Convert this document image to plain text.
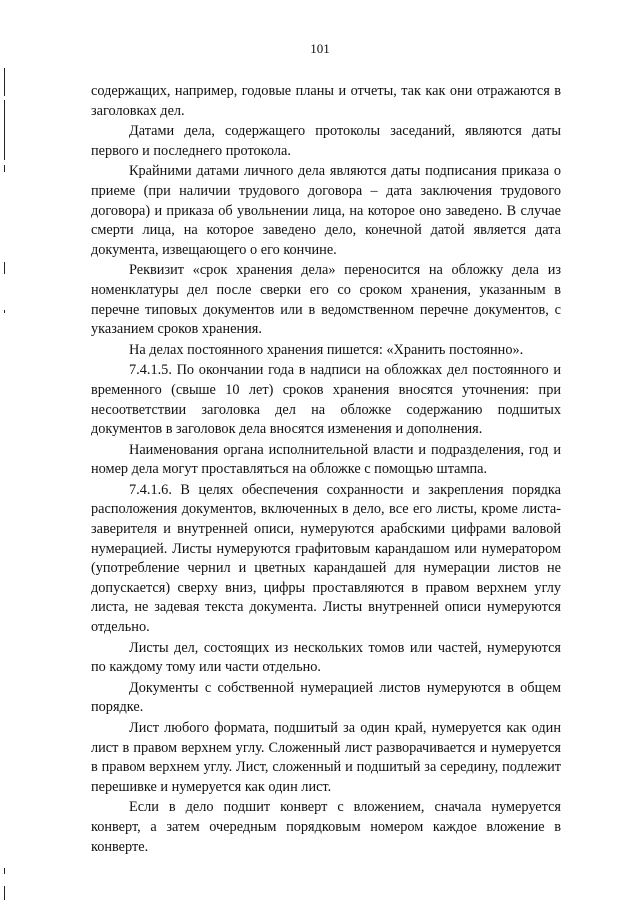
101

содержащих, например, годовые планы и отчеты, так как они отражаются в заголовках дел.

Датами дела, содержащего протоколы заседаний, являются даты первого и последнего протокола.

Крайними датами личного дела являются даты подписания приказа о приеме (при наличии трудового договора – дата заключения трудового договора) и приказа об увольнении лица, на которое оно заведено. В случае смерти лица, на которое заведено дело, конечной датой является дата документа, извещающего о его кончине.

Реквизит «срок хранения дела» переносится на обложку дела из номенклатуры дел после сверки его со сроком хранения, указанным в перечне типовых документов или в ведомственном перечне документов, с указанием сроков хранения.

На делах постоянного хранения пишется: «Хранить постоянно».

7.4.1.5. По окончании года в надписи на обложках дел постоянного и временного (свыше 10 лет) сроков хранения вносятся уточнения: при несоответствии заголовка дел на обложке содержанию подшитых документов в заголовок дела вносятся изменения и дополнения.

Наименования органа исполнительной власти и подразделения, год и номер дела могут проставляться на обложке с помощью штампа.

7.4.1.6. В целях обеспечения сохранности и закрепления порядка расположения документов, включенных в дело, все его листы, кроме листа-заверителя и внутренней описи, нумеруются арабскими цифрами валовой нумерацией. Листы нумеруются графитовым карандашом или нумератором (употребление чернил и цветных карандашей для нумерации листов не допускается) сверху вниз, цифры проставляются в правом верхнем углу листа, не задевая текста документа. Листы внутренней описи нумеруются отдельно.

Листы дел, состоящих из нескольких томов или частей, нумеруются по каждому тому или части отдельно.

Документы с собственной нумерацией листов нумеруются в общем порядке.

Лист любого формата, подшитый за один край, нумеруется как один лист в правом верхнем углу. Сложенный лист разворачивается и нумеруется в правом верхнем углу. Лист, сложенный и подшитый за середину, подлежит перешивке и нумеруется как один лист.

Если в дело подшит конверт с вложением, сначала нумеруется конверт, а затем очередным порядковым номером каждое вложение в конверте.
